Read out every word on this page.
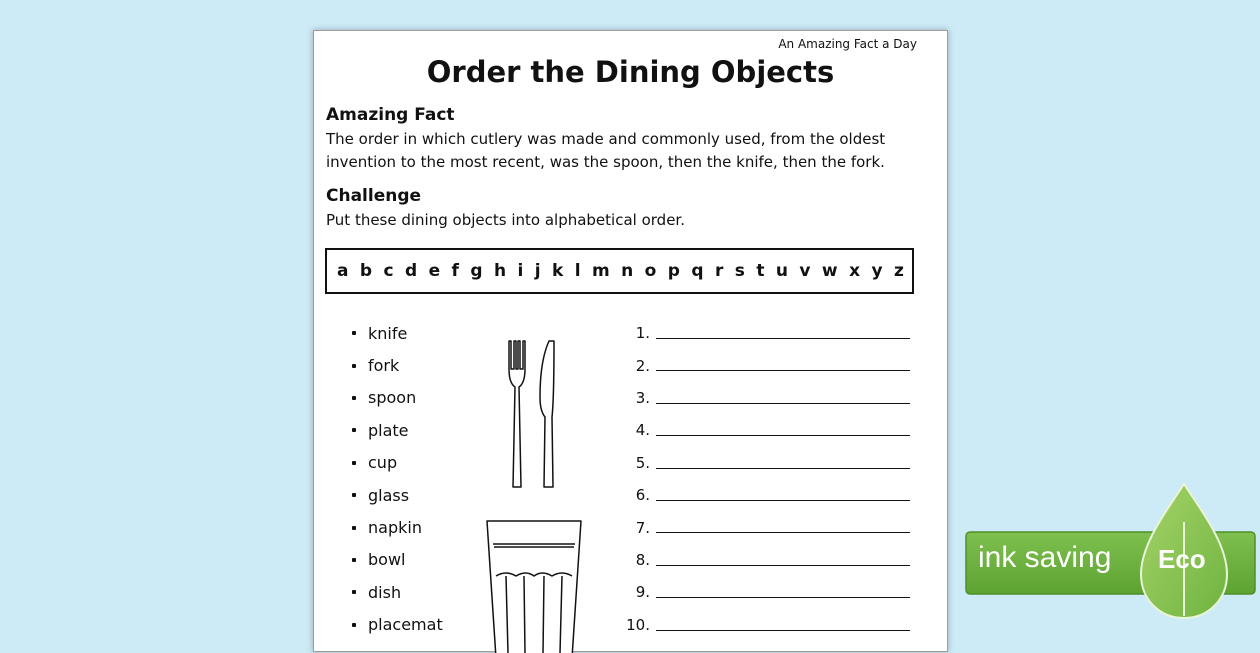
An Amazing Fact a Day
Order the Dining Objects
Amazing Fact
The order in which cutlery was made and commonly used, from the oldest invention to the most recent, was the spoon, then the knife, then the fork.
Challenge
Put these dining objects into alphabetical order.
a b c d e f g h i j k l m n o p q r s t u v w x y z
knife
fork
spoon
plate
cup
glass
napkin
bowl
dish
placemat
1.
2.
3.
4.
5.
6.
7.
8.
9.
10.
ink saving Eco
